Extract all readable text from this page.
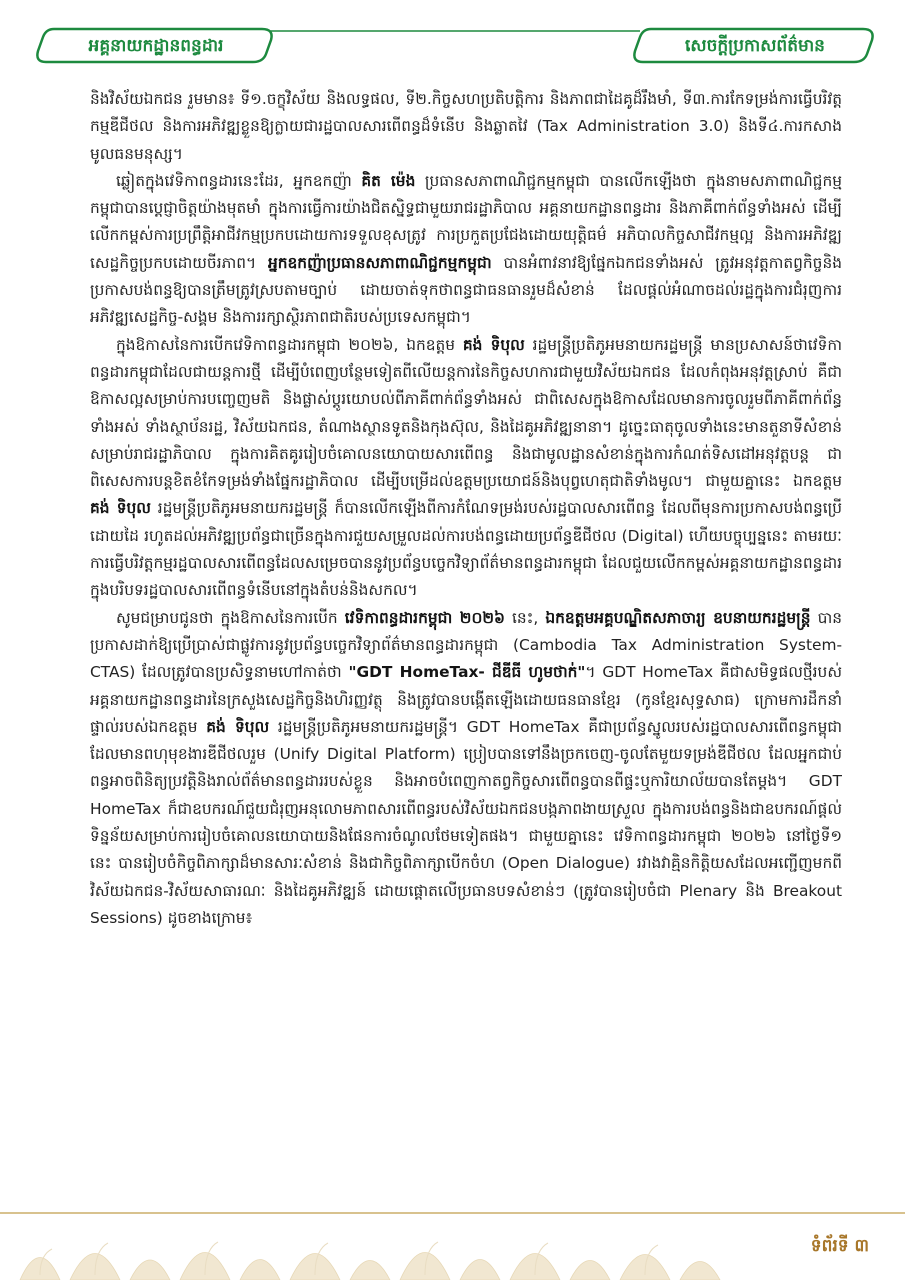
អគ្គនាយកដ្ឋានពន្ធដារ	សេចក្ដីប្រកាសព័ត៌មាន

និងវិស័យឯកជន រួមមាន៖ ទី១.ចក្ខុវិស័យ និងលទ្ធផល, ទី២.កិច្ចសហប្រតិបត្តិការ និងភាពជាដៃគូដ៏រឹងមាំ, ទី៣.ការកែទម្រង់ការធ្វើបរិវត្តកម្មឌីជីថល និងការអភិវឌ្ឍខ្លួនឱ្យក្លាយជារដ្ឋបាលសារពើពន្ធដ៏ទំនើប និងឆ្លាតវៃ (Tax Administration 3.0) និងទី៤.ការកសាងមូលធនមនុស្ស។

ឆ្លៀតក្នុងវេទិកាពន្ធដារនេះដែរ, អ្នកឧកញ៉ា គិត ម៉េង ប្រធានសភាពាណិជ្ជកម្មកម្ពុជា បានលើកឡើងថា ក្នុងនាមសភាពាណិជ្ជកម្មកម្ពុជាបានប្ដេជ្ញាចិត្តយ៉ាងមុតមាំ ក្នុងការធ្វើការយ៉ាងជិតស្និទ្ធជាមួយរាជរដ្ឋាភិបាល អគ្គនាយកដ្ឋានពន្ធដារ និងភាគីពាក់ព័ន្ធទាំងអស់ ដើម្បីលើកកម្ពស់ការប្រព្រឹត្តិអាជីវកម្មប្រកបដោយការទទួលខុសត្រូវ ការប្រកួតប្រជែងដោយយុត្តិធម៌ អភិបាលកិច្ចសាជីវកម្មល្អ និងការអភិវឌ្ឍសេដ្ឋកិច្ចប្រកបដោយចីរភាព។ អ្នកឧកញ៉ាប្រធានសភាពាណិជ្ជកម្មកម្ពុជា បានអំពាវនាវឱ្យផ្នែកឯកជនទាំងអស់ ត្រូវអនុវត្តកាតព្វកិច្ចនិងប្រកាសបង់ពន្ធឱ្យបានត្រឹមត្រូវស្របតាមច្បាប់ ដោយចាត់ទុកថាពន្ធជាធនធានរួមដ៏សំខាន់ ដែលផ្ដល់អំណាចដល់រដ្ឋក្នុងការជំរុញការអភិវឌ្ឍសេដ្ឋកិច្ច-សង្គម និងការរក្សាស្ថិរភាពជាតិរបស់ប្រទេសកម្ពុជា។

ក្នុងឱកាសនៃការបើកវេទិកាពន្ធដារកម្ពុជា ២០២៦, ឯកឧត្ដម គង់ ទិបុល រដ្ឋមន្ត្រីប្រតិភូអមនាយករដ្ឋមន្ត្រី មានប្រសាសន៍ថាវេទិកាពន្ធដារកម្ពុជាដែលជាយន្តការថ្មី ដើម្បីបំពេញបន្ថែមទៀតពីលើយន្តការនៃកិច្ចសហការជាមួយវិស័យឯកជន ដែលកំពុងអនុវត្តស្រាប់ គឺជាឱកាសល្អសម្រាប់ការបញ្ចេញមតិ និងផ្លាស់ប្ដូរយោបល់ពីភាគីពាក់ព័ន្ធទាំងអស់ ជាពិសេសក្នុងឱកាសដែលមានការចូលរួមពីភាគីពាក់ព័ន្ធទាំងអស់ ទាំងស្ថាប័នរដ្ឋ, វិស័យឯកជន, តំណាងស្ថានទូតនិងកុងស៊ុល, និងដៃគូអភិវឌ្ឍនានា។ ដូច្នេះធាតុចូលទាំងនេះមានតួនាទីសំខាន់សម្រាប់រាជរដ្ឋាភិបាល ក្នុងការគិតគូររៀបចំគោលនយោបាយសារពើពន្ធ និងជាមូលដ្ឋានសំខាន់ក្នុងការកំណត់ទិសដៅអនុវត្តបន្ត ជាពិសេសការបន្តខិតខំកែទម្រង់ទាំងផ្នែករដ្ឋាភិបាល ដើម្បីបម្រើដល់ឧត្តមប្រយោជន៍និងបុព្វហេតុជាតិទាំងមូល។ ជាមួយគ្នានេះ ឯកឧត្ដម គង់ ទិបុល រដ្ឋមន្ត្រីប្រតិភូអមនាយករដ្ឋមន្ត្រី ក៏បានលើកឡើងពីការកំណែទម្រង់របស់រដ្ឋបាលសារពើពន្ធ ដែលពីមុនការប្រកាសបង់ពន្ធប្រើដោយដៃ រហូតដល់អភិវឌ្ឍប្រព័ន្ធជាច្រើនក្នុងការជួយសម្រួលដល់ការបង់ពន្ធដោយប្រព័ន្ធឌីជីថល (Digital) ហើយបច្ចុប្បន្ននេះ តាមរយៈការធ្វើបរិវត្តកម្មរដ្ឋបាលសារពើពន្ធដែលសម្រេចបាននូវប្រព័ន្ធបច្ចេកវិទ្យាព័ត៌មានពន្ធដារកម្ពុជា ដែលជួយលើកកម្ពស់អគ្គនាយកដ្ឋានពន្ធដារ ក្នុងបរិបទរដ្ឋបាលសារពើពន្ធទំនើបនៅក្នុងតំបន់និងសកល។

សូមជម្រាបជូនថា ក្នុងឱកាសនៃការបើក វេទិកាពន្ធដារកម្ពុជា ២០២៦ នេះ, ឯកឧត្ដមអគ្គបណ្ឌិតសភាចារ្យ ឧបនាយករដ្ឋមន្ត្រី បានប្រកាសដាក់ឱ្យប្រើប្រាស់ជាផ្លូវការនូវប្រព័ន្ធបច្ចេកវិទ្យាព័ត៌មានពន្ធដារកម្ពុជា (Cambodia Tax Administration System-CTAS) ដែលត្រូវបានប្រសិទ្ធនាមហៅកាត់ថា "GDT HomeTax- ជីឌីធី ហូមថាក់"។ GDT HomeTax គឺជាសមិទ្ធផលថ្មីរបស់អគ្គនាយកដ្ឋានពន្ធដារនៃក្រសួងសេដ្ឋកិច្ចនិងហិរញ្ញវត្ថុ និងត្រូវបានបង្កើតឡើងដោយធនធានខ្មែរ (កូនខ្មែរសុទ្ធសាធ) ក្រោមការដឹកនាំផ្ទាល់របស់ឯកឧត្ដម គង់ ទិបុល រដ្ឋមន្ត្រីប្រតិភូអមនាយករដ្ឋមន្ត្រី។ GDT HomeTax គឺជាប្រព័ន្ធស្នូលរបស់រដ្ឋបាលសារពើពន្ធកម្ពុជាដែលមានពហុមុខងារឌីជីថលរួម (Unify Digital Platform) ប្រៀបបានទៅនឹងច្រកចេញ-ចូលតែមួយទម្រង់ឌីជីថល ដែលអ្នកជាប់ពន្ធអាចពិនិត្យប្រវត្តិនិងរាល់ព័ត៌មានពន្ធដាររបស់ខ្លួន និងអាចបំពេញកាតព្វកិច្ចសារពើពន្ធបានពីផ្ទះឬការិយាល័យបានតែម្ដង។ GDT HomeTax ក៏ជាឧបករណ៍ជួយជំរុញអនុលោមភាពសារពើពន្ធរបស់វិស័យឯកជនបង្កភាពងាយស្រួល ក្នុងការបង់ពន្ធនិងជាឧបករណ៍ផ្ដល់ទិន្នន័យសម្រាប់ការរៀបចំគោលនយោបាយនិងផែនការចំណូលថែមទៀតផង។ ជាមួយគ្នានេះ វេទិកាពន្ធដារកម្ពុជា ២០២៦ នៅថ្ងៃទី១ នេះ បានរៀបចំកិច្ចពិភាក្សាដ៏មានសារៈសំខាន់ និងជាកិច្ចពិភាក្សាបើកចំហ (Open Dialogue) រវាងវាគ្មិនកិត្តិយសដែលអញ្ជើញមកពីវិស័យឯកជន-វិស័យសាធារណៈ និងដៃគូអភិវឌ្ឍន៍ ដោយផ្ដោតលើប្រធានបទសំខាន់ៗ (ត្រូវបានរៀបចំជា Plenary និង Breakout Sessions) ដូចខាងក្រោម៖

ទំព័រទី ៣
